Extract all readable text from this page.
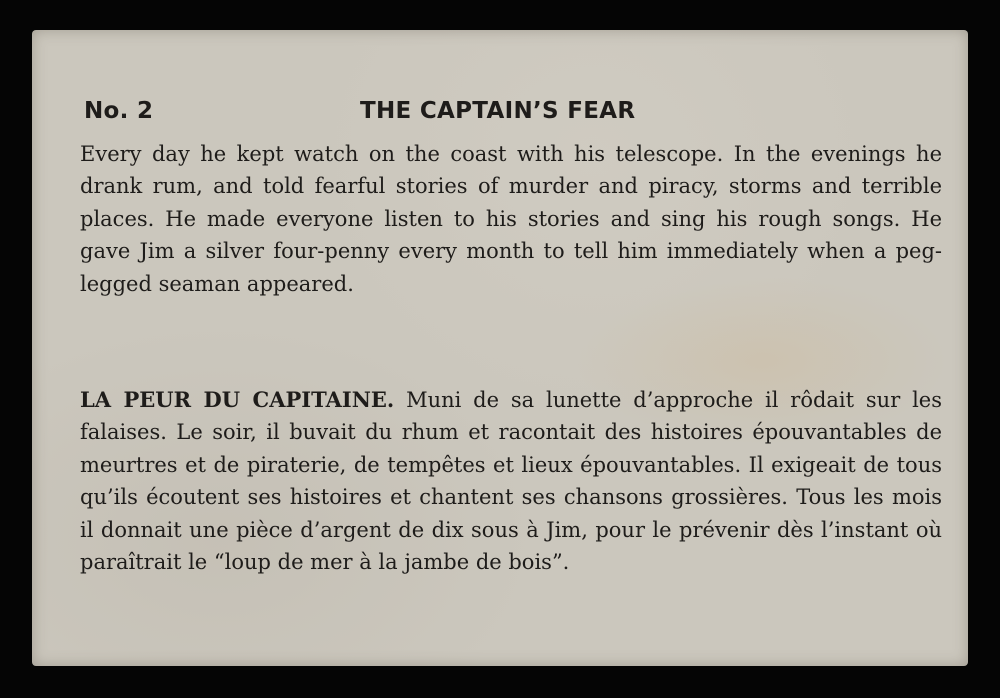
No. 2	THE CAPTAIN’S FEAR

Every day he kept watch on the coast with his telescope. In the evenings he drank rum, and told fearful stories of murder and piracy, storms and terrible places. He made everyone listen to his stories and sing his rough songs. He gave Jim a silver four-penny every month to tell him immediately when a peg-legged seaman appeared.

LA PEUR DU CAPITAINE. Muni de sa lunette d’approche il rôdait sur les falaises. Le soir, il buvait du rhum et racontait des histoires épouvantables de meurtres et de piraterie, de tempêtes et lieux épouvantables. Il exigeait de tous qu’ils écoutent ses histoires et chantent ses chansons grossières. Tous les mois il donnait une pièce d’argent de dix sous à Jim, pour le prévenir dès l’instant où paraîtrait le “loup de mer à la jambe de bois”.
